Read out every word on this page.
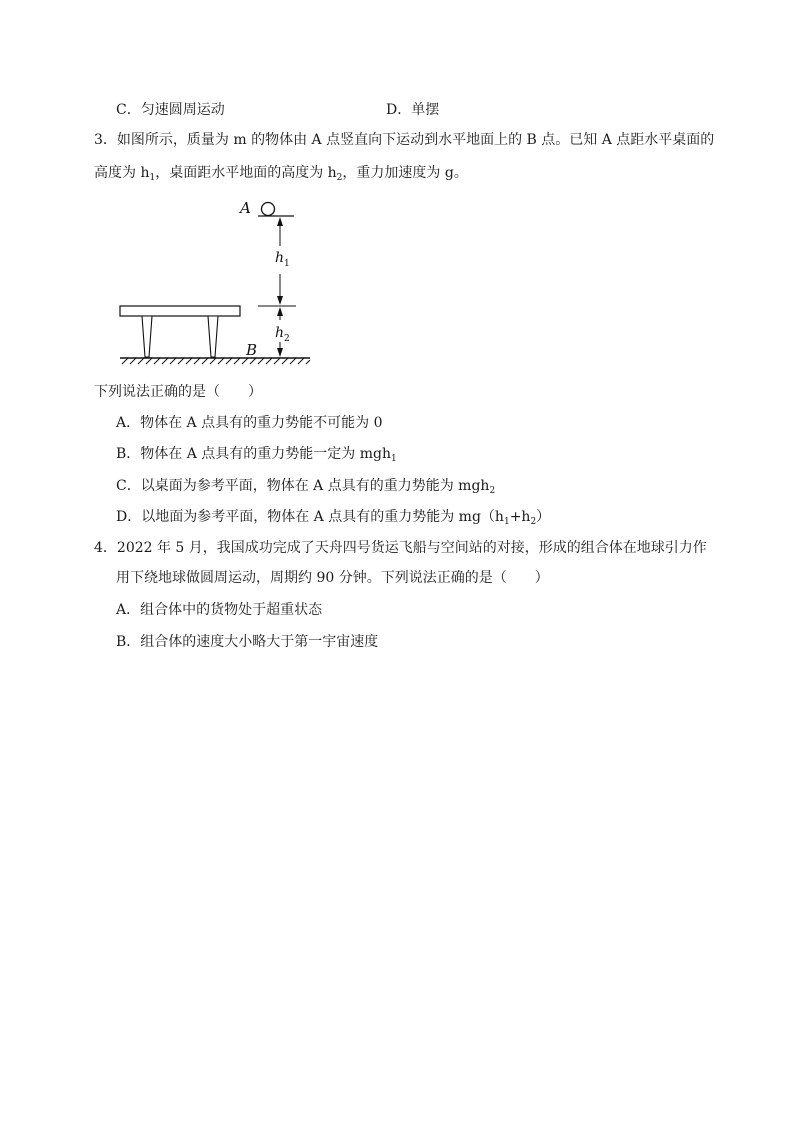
C．匀速圆周运动	D．单摆
3．如图所示，质量为 m 的物体由 A 点竖直向下运动到水平地面上的 B 点。已知 A 点距水平桌面的
高度为 $h_1$，桌面距水平地面的高度为 $h_2$，重力加速度为 g。
A
B
h 1
h 2
下列说法正确的是（　　）
A．物体在 A 点具有的重力势能不可能为 0
B．物体在 A 点具有的重力势能一定为 mgh$_1$
C．以桌面为参考平面，物体在 A 点具有的重力势能为 mgh$_2$
D．以地面为参考平面，物体在 A 点具有的重力势能为 $mg(h_1+h_2)$
4．2022 年 5 月，我国成功完成了天舟四号货运飞船与空间站的对接，形成的组合体在地球引力作
用下绕地球做圆周运动，周期约 90 分钟。下列说法正确的是（　　）
A．组合体中的货物处于超重状态
B．组合体的速度大小略大于第一宇宙速度
